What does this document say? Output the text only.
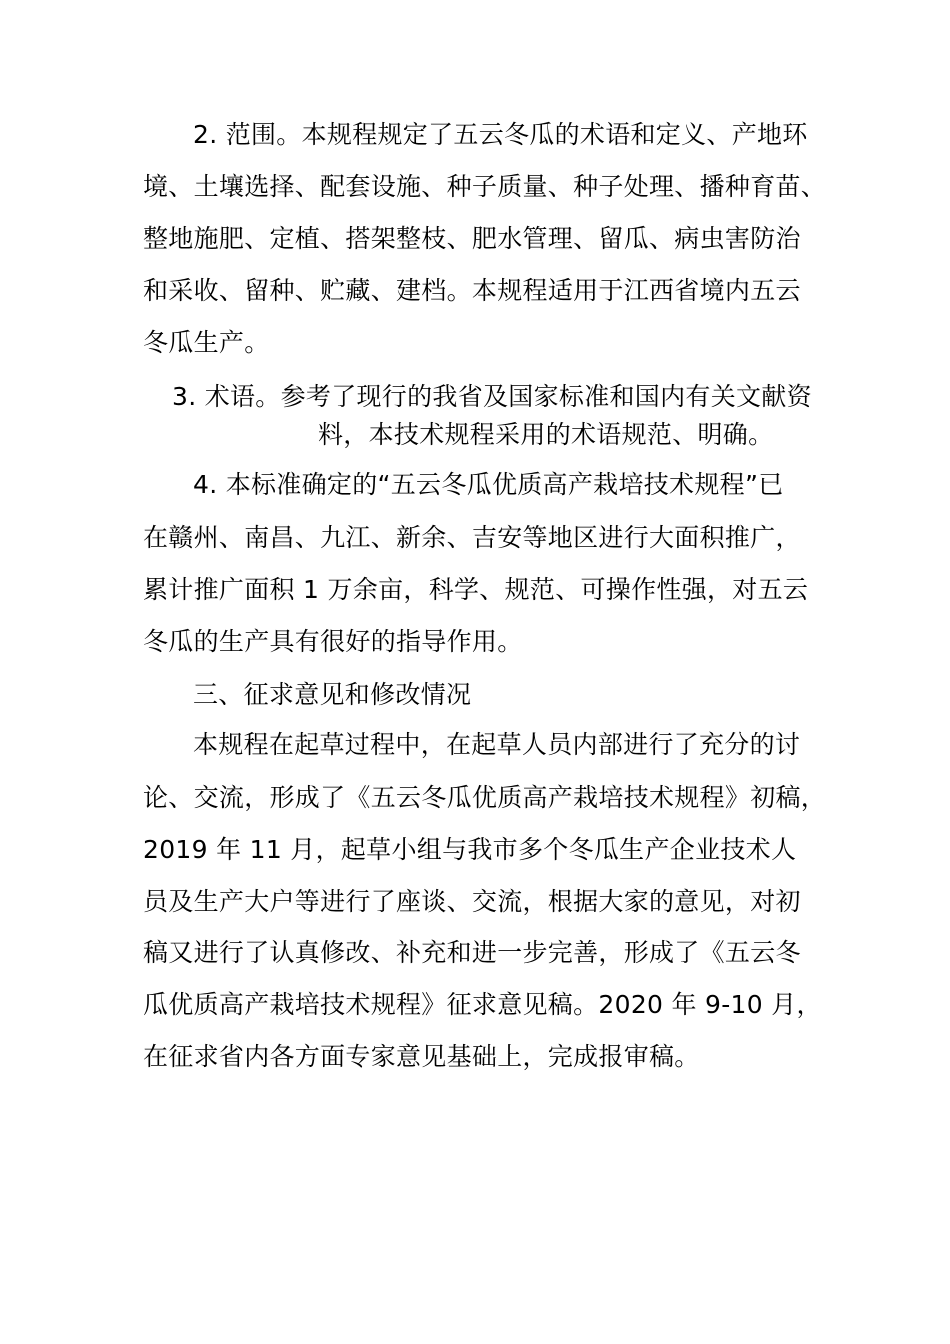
2. 范围。本规程规定了五云冬瓜的术语和定义、产地环
境、土壤选择、配套设施、种子质量、种子处理、播种育苗、
整地施肥、定植、搭架整枝、肥水管理、留瓜、病虫害防治
和采收、留种、贮藏、建档。本规程适用于江西省境内五云
冬瓜生产。
3. 术语。参考了现行的我省及国家标准和国内有关文献资
料，本技术规程采用的术语规范、明确。
4. 本标准确定的“五云冬瓜优质高产栽培技术规程”已
在赣州、南昌、九江、新余、吉安等地区进行大面积推广，
累计推广面积 1 万余亩，科学、规范、可操作性强，对五云
冬瓜的生产具有很好的指导作用。
三、征求意见和修改情况
本规程在起草过程中，在起草人员内部进行了充分的讨
论、交流，形成了《五云冬瓜优质高产栽培技术规程》初稿，
2019 年 11 月，起草小组与我市多个冬瓜生产企业技术人
员及生产大户等进行了座谈、交流，根据大家的意见，对初
稿又进行了认真修改、补充和进一步完善，形成了《五云冬
瓜优质高产栽培技术规程》征求意见稿。2020 年 9-10 月，
在征求省内各方面专家意见基础上，完成报审稿。
